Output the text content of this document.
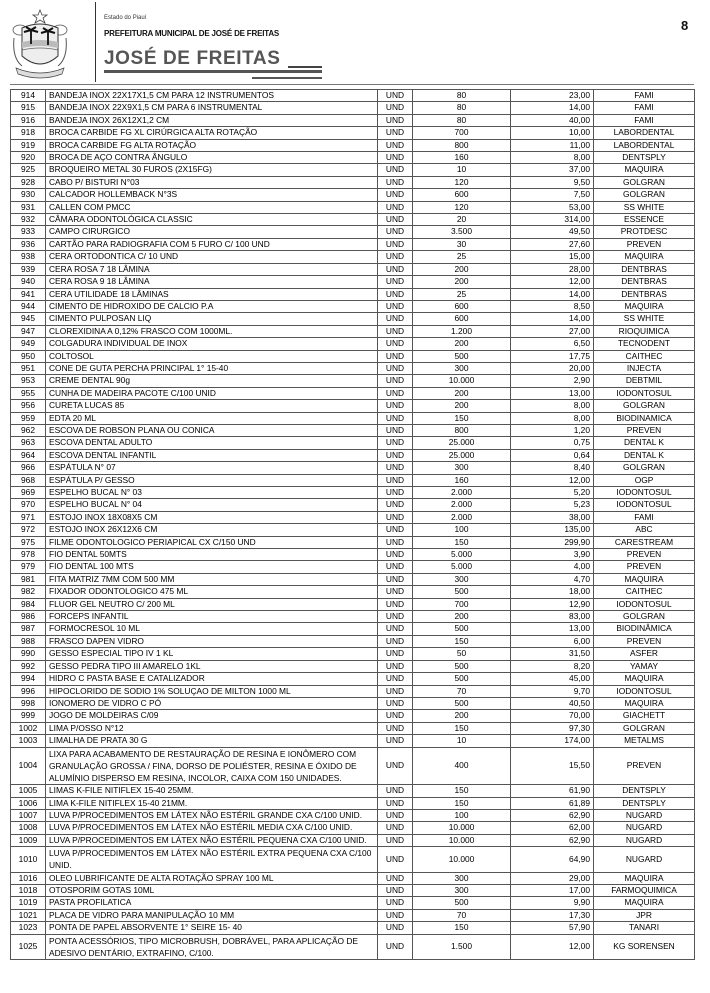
Estado do Piauí
PREFEITURA MUNICIPAL DE JOSÉ DE FREITAS
JOSÉ DE FREITAS
8
914	BANDEJA INOX 22X17X1,5 CM PARA 12 INSTRUMENTOS	UND	80	23,00	FAMI
915	BANDEJA INOX 22X9X1,5 CM PARA 6 INSTRUMENTAL	UND	80	14,00	FAMI
916	BANDEJA INOX 26X12X1,2 CM	UND	80	40,00	FAMI
918	BROCA CARBIDE FG XL CIRÚRGICA ALTA ROTAÇÃO	UND	700	10,00	LABORDENTAL
919	BROCA CARBIDE FG ALTA ROTAÇÃO	UND	800	11,00	LABORDENTAL
920	BROCA DE AÇO CONTRA ÂNGULO	UND	160	8,00	DENTSPLY
925	BROQUEIRO METAL 30 FUROS (2X15FG)	UND	10	37,00	MAQUIRA
928	CABO P/ BISTURI N°03	UND	120	9,50	GOLGRAN
930	CALCADOR HOLLEMBACK N°3S	UND	600	7,50	GOLGRAN
931	CALLEN COM PMCC	UND	120	53,00	SS WHITE
932	CÂMARA ODONTOLÓGICA CLASSIC	UND	20	314,00	ESSENCE
933	CAMPO CIRURGICO	UND	3.500	49,50	PROTDESC
936	CARTÃO PARA RADIOGRAFIA COM 5 FURO C/ 100 UND	UND	30	27,60	PREVEN
938	CERA ORTODONTICA C/ 10 UND	UND	25	15,00	MAQUIRA
939	CERA ROSA 7 18 LÂMINA	UND	200	28,00	DENTBRAS
940	CERA ROSA 9 18 LÂMINA	UND	200	12,00	DENTBRAS
941	CERA UTILIDADE 18 LÂMINAS	UND	25	14,00	DENTBRAS
944	CIMENTO DE HIDROXIDO DE CALCIO P.A	UND	600	8,50	MAQUIRA
945	CIMENTO PULPOSAN LIQ	UND	600	14,00	SS WHITE
947	CLOREXIDINA A 0,12% FRASCO COM 1000ML.	UND	1.200	27,00	RIOQUIMICA
949	COLGADURA INDIVIDUAL DE INOX	UND	200	6,50	TECNODENT
950	COLTOSOL	UND	500	17,75	CAITHEC
951	CONE DE GUTA PERCHA PRINCIPAL 1° 15-40	UND	300	20,00	INJECTA
953	CREME DENTAL 90g	UND	10.000	2,90	DEBTMIL
955	CUNHA DE MADEIRA PACOTE C/100 UNID	UND	200	13,00	IODONTOSUL
956	CURETA LUCAS 85	UND	200	8,00	GOLGRAN
959	EDTA 20 ML	UND	150	8,00	BIODINAMICA
962	ESCOVA DE ROBSON PLANA OU CONICA	UND	800	1,20	PREVEN
963	ESCOVA DENTAL ADULTO	UND	25.000	0,75	DENTAL K
964	ESCOVA DENTAL INFANTIL	UND	25.000	0,64	DENTAL K
966	ESPÁTULA N° 07	UND	300	8,40	GOLGRAN
968	ESPÁTULA P/ GESSO	UND	160	12,00	OGP
969	ESPELHO BUCAL N° 03	UND	2.000	5,20	IODONTOSUL
970	ESPELHO BUCAL N° 04	UND	2.000	5,23	IODONTOSUL
971	ESTOJO INOX 18X08X5 CM	UND	2.000	38,00	FAMI
972	ESTOJO INOX 26X12X6 CM	UND	100	135,00	ABC
975	FILME ODONTOLOGICO PERIAPICAL CX C/150 UND	UND	150	299,90	CARESTREAM
978	FIO DENTAL 50MTS	UND	5.000	3,90	PREVEN
979	FIO DENTAL 100 MTS	UND	5.000	4,00	PREVEN
981	FITA MATRIZ 7MM COM 500 MM	UND	300	4,70	MAQUIRA
982	FIXADOR ODONTOLOGICO 475 ML	UND	500	18,00	CAITHEC
984	FLUOR GEL NEUTRO C/ 200 ML	UND	700	12,90	IODONTOSUL
986	FORCEPS INFANTIL	UND	200	83,00	GOLGRAN
987	FORMOCRESOL 10 ML	UND	500	13,00	BIODINÂMICA
988	FRASCO DAPEN VIDRO	UND	150	6,00	PREVEN
990	GESSO ESPECIAL TIPO IV 1 KL	UND	50	31,50	ASFER
992	GESSO PEDRA TIPO III AMARELO 1KL	UND	500	8,20	YAMAY
994	HIDRO C PASTA BASE E CATALIZADOR	UND	500	45,00	MAQUIRA
996	HIPOCLORIDO DE SODIO 1% SOLUÇAO DE MILTON 1000 ML	UND	70	9,70	IODONTOSUL
998	IONOMERO DE VIDRO C PÓ	UND	500	40,50	MAQUIRA
999	JOGO DE MOLDEIRAS C/09	UND	200	70,00	GIACHETT
1002	LIMA P/OSSO N°12	UND	150	97,30	GOLGRAN
1003	LIMALHA DE PRATA 30 G	UND	10	174,00	METALMS
1004	LIXA PARA ACABAMENTO DE RESTAURAÇÃO DE RESINA E IONÔMERO COM GRANULAÇÃO GROSSA / FINA, DORSO DE POLIÉSTER, RESINA E ÓXIDO DE ALUMÍNIO DISPERSO EM RESINA, INCOLOR, CAIXA COM 150 UNIDADES.	UND	400	15,50	PREVEN
1005	LIMAS K-FILE NITIFLEX 15-40 25MM.	UND	150	61,90	DENTSPLY
1006	LIMA K-FILE NITIFLEX 15-40 21MM.	UND	150	61,89	DENTSPLY
1007	LUVA P/PROCEDIMENTOS EM LÁTEX NÃO ESTÉRIL GRANDE CXA C/100 UNID.	UND	100	62,90	NUGARD
1008	LUVA P/PROCEDIMENTOS EM LÁTEX NÃO ESTÉRIL MEDIA CXA C/100 UNID.	UND	10.000	62,00	NUGARD
1009	LUVA P/PROCEDIMENTOS EM LÁTEX NÃO ESTÉRIL PEQUENA CXA C/100 UNID.	UND	10.000	62,90	NUGARD
1010	LUVA P/PROCEDIMENTOS EM LÁTEX NÃO ESTÉRIL EXTRA PEQUENA CXA C/100 UNID.	UND	10.000	64,90	NUGARD
1016	OLEO LUBRIFICANTE DE ALTA ROTAÇÃO SPRAY 100 ML	UND	300	29,00	MAQUIRA
1018	OTOSPORIM GOTAS 10ML	UND	300	17,00	FARMOQUIMICA
1019	PASTA PROFILATICA	UND	500	9,90	MAQUIRA
1021	PLACA DE VIDRO PARA MANIPULAÇÃO 10 MM	UND	70	17,30	JPR
1023	PONTA DE PAPEL ABSORVENTE 1° SEIRE 15- 40	UND	150	57,90	TANARI
1025	PONTA ACESSÓRIOS, TIPO MICROBRUSH, DOBRÁVEL, PARA APLICAÇÃO DE ADESIVO DENTÁRIO, EXTRAFINO, C/100.	UND	1.500	12,00	KG SORENSEN
